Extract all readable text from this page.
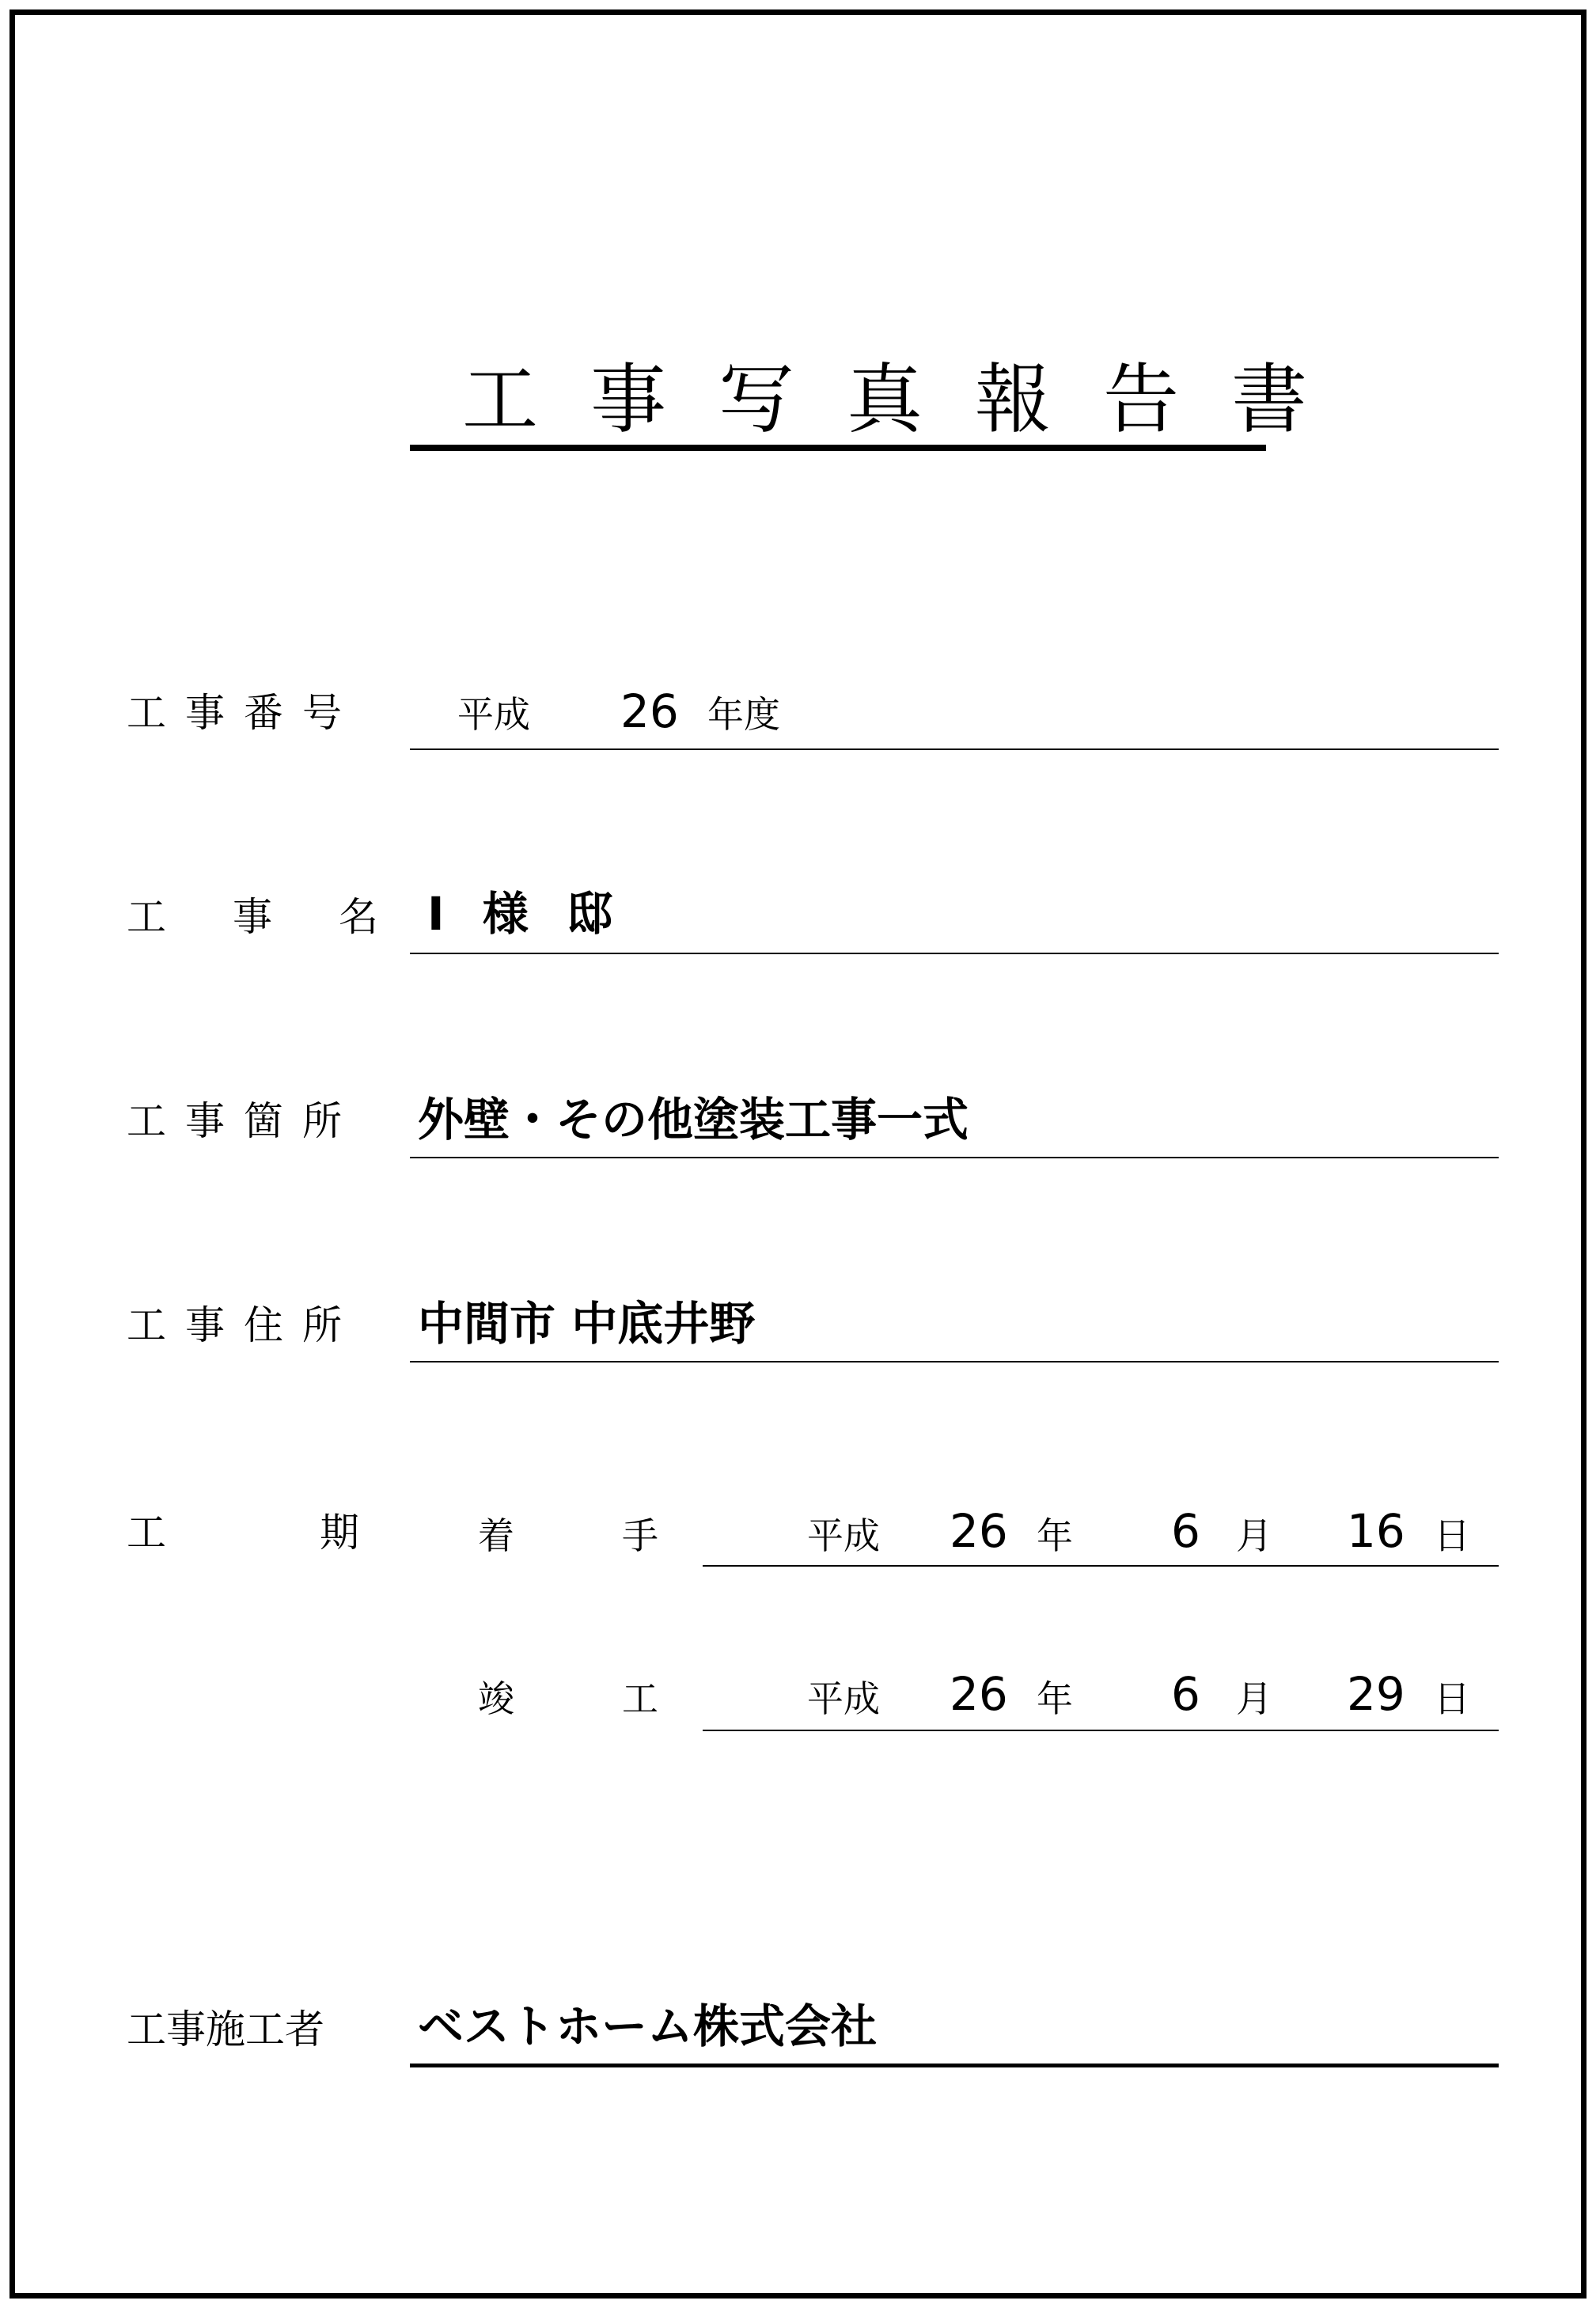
工事写真報告書
工事番号	平成 26 年度
工事名
I 様 邸
工事箇所 外壁・その他塗装工事一式
工事住所 中間市 中底井野
工期
着手 平成 26 年 6 月 16 日
竣工 平成 26 年 6 月 29 日
工事施工者 ベストホーム株式会社
